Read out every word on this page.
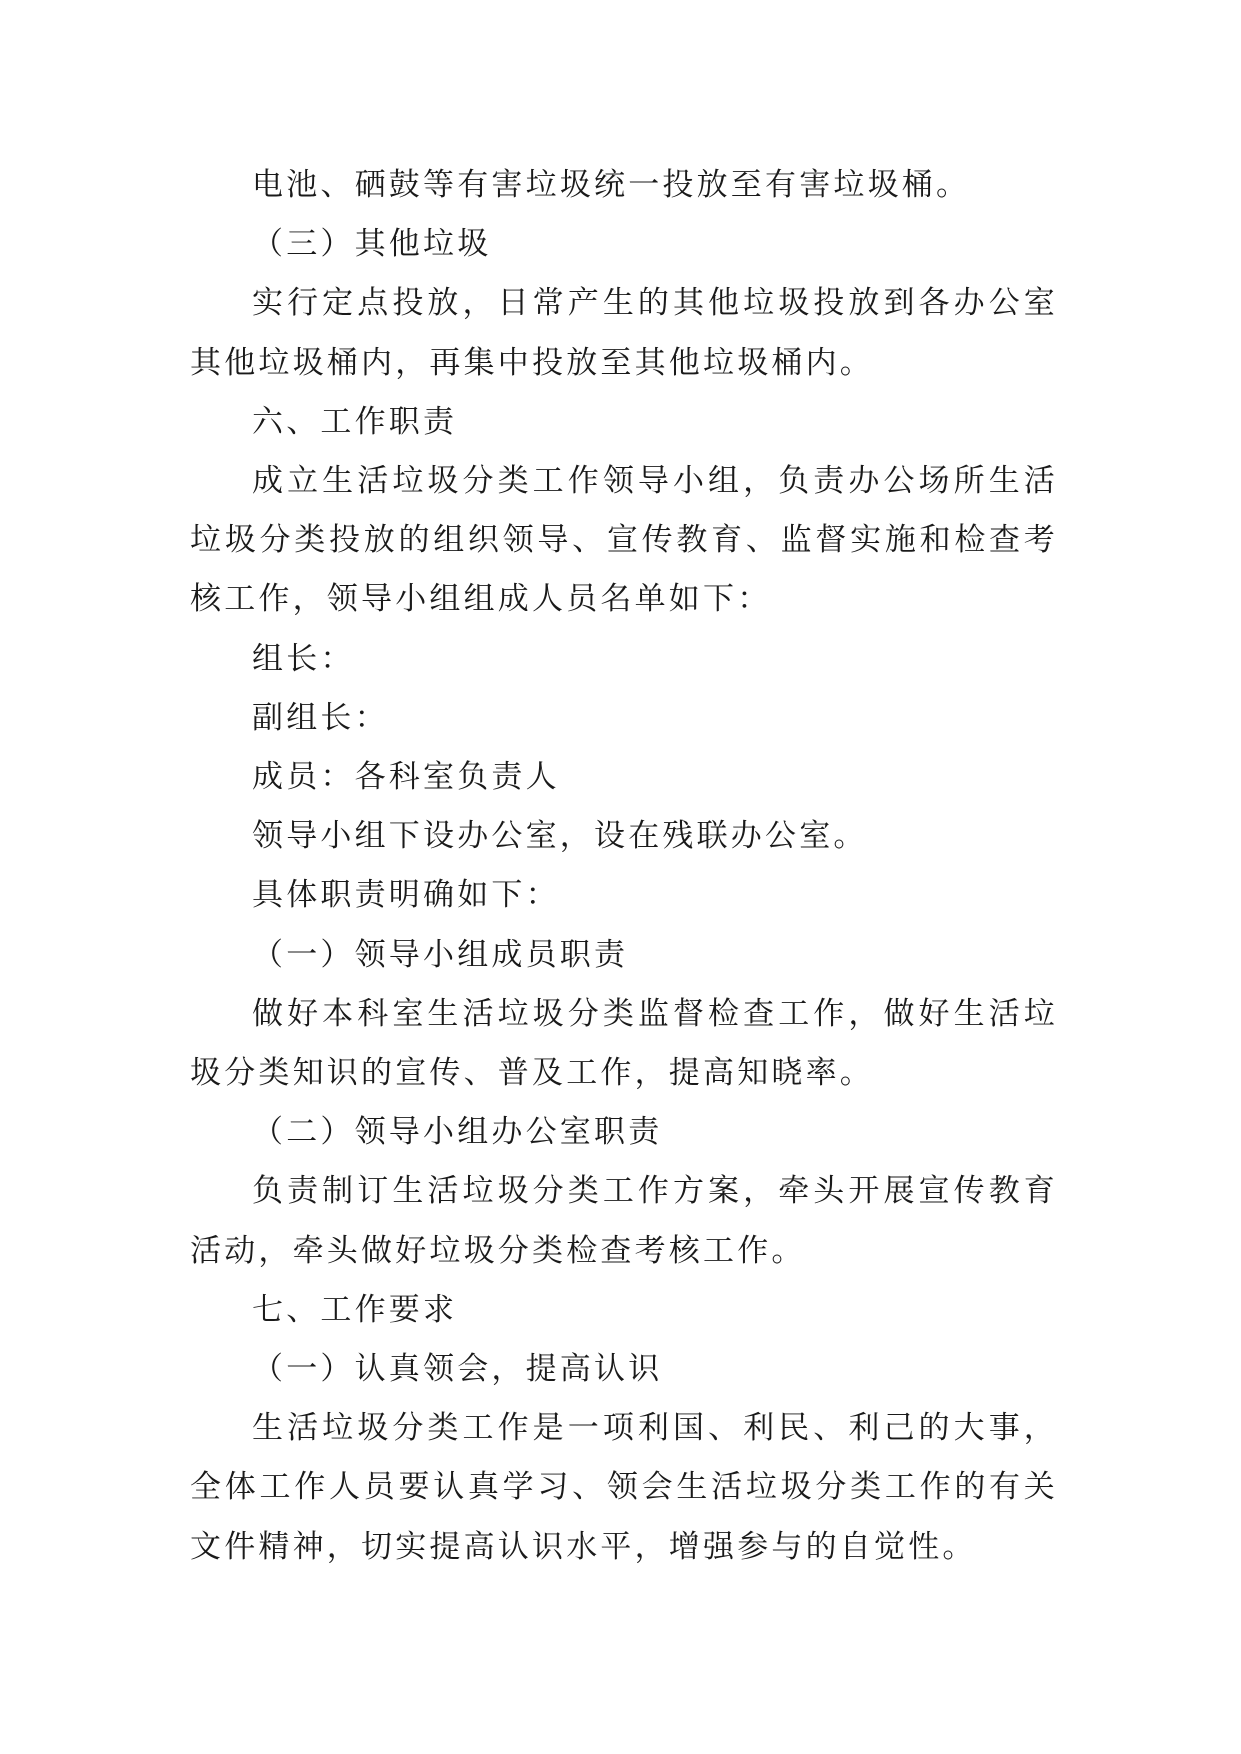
电池、硒鼓等有害垃圾统一投放至有害垃圾桶。

（三）其他垃圾

实行定点投放，日常产生的其他垃圾投放到各办公室其他垃圾桶内，再集中投放至其他垃圾桶内。

六、工作职责

成立生活垃圾分类工作领导小组，负责办公场所生活垃圾分类投放的组织领导、宣传教育、监督实施和检查考核工作，领导小组组成人员名单如下：

组长：

副组长：

成员：各科室负责人

领导小组下设办公室，设在残联办公室。

具体职责明确如下：

（一）领导小组成员职责

做好本科室生活垃圾分类监督检查工作，做好生活垃圾分类知识的宣传、普及工作，提高知晓率。

（二）领导小组办公室职责

负责制订生活垃圾分类工作方案，牵头开展宣传教育活动，牵头做好垃圾分类检查考核工作。

七、工作要求

（一）认真领会，提高认识

生活垃圾分类工作是一项利国、利民、利己的大事，全体工作人员要认真学习、领会生活垃圾分类工作的有关文件精神，切实提高认识水平，增强参与的自觉性。
